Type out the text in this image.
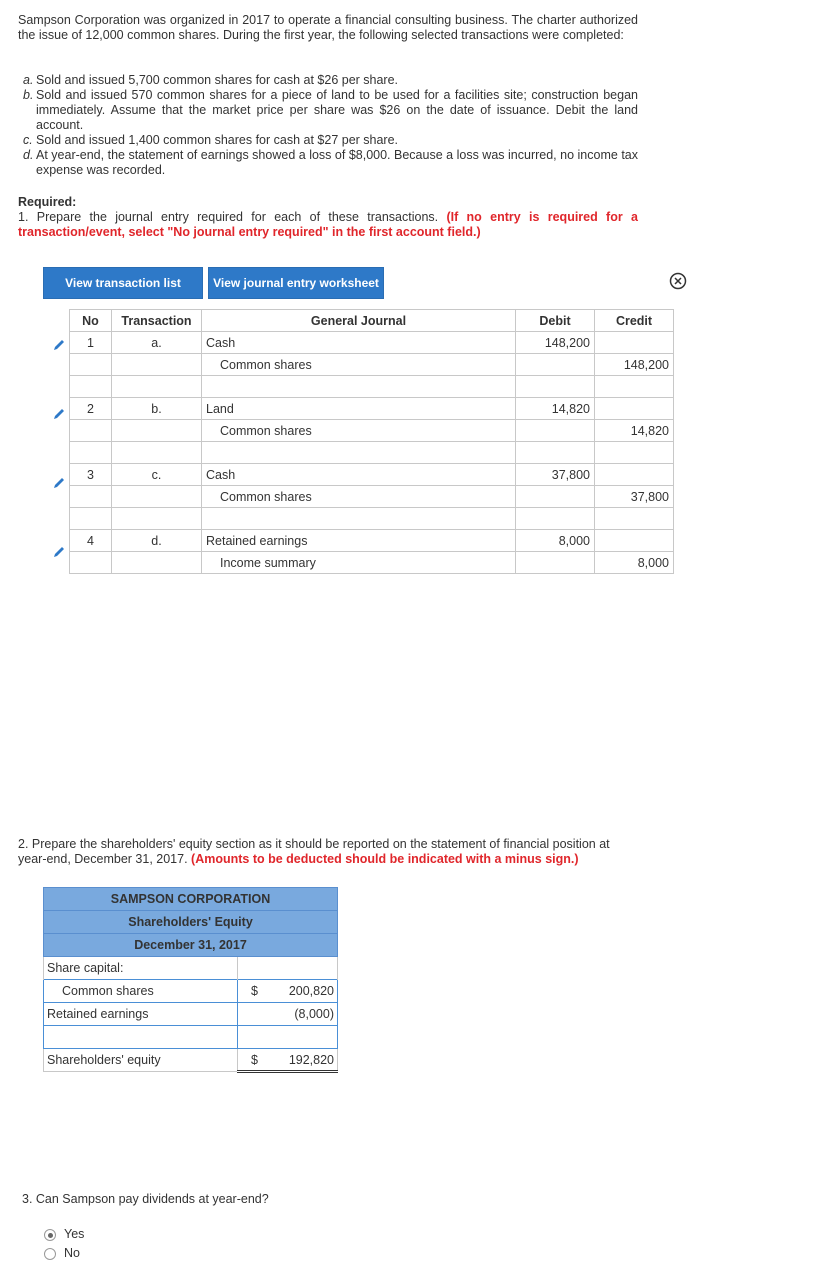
Sampson Corporation was organized in 2017 to operate a financial consulting business. The charter authorized the issue of 12,000 common shares. During the first year, the following selected transactions were completed:
a. Sold and issued 5,700 common shares for cash at $26 per share.
b. Sold and issued 570 common shares for a piece of land to be used for a facilities site; construction began immediately. Assume that the market price per share was $26 on the date of issuance. Debit the land account.
c. Sold and issued 1,400 common shares for cash at $27 per share.
d. At year-end, the statement of earnings showed a loss of $8,000. Because a loss was incurred, no income tax expense was recorded.
Required:
1. Prepare the journal entry required for each of these transactions. (If no entry is required for a transaction/event, select "No journal entry required" in the first account field.)
View transaction list	View journal entry worksheet
No	Transaction	General Journal	Debit	Credit
1	a.	Cash	148,200	
		Common shares		148,200

2	b.	Land	14,820	
		Common shares		14,820

3	c.	Cash	37,800	
		Common shares		37,800

4	d.	Retained earnings	8,000	
		Income summary		8,000
2. Prepare the shareholders' equity section as it should be reported on the statement of financial position at year-end, December 31, 2017. (Amounts to be deducted should be indicated with a minus sign.)
SAMPSON CORPORATION	
Shareholders' Equity	
December 31, 2017	
Share capital:	
Common shares	$ 200,820

Retained earnings	(8,000)

Shareholders' equity	$ 192,820
3. Can Sampson pay dividends at year-end?
Yes
No
